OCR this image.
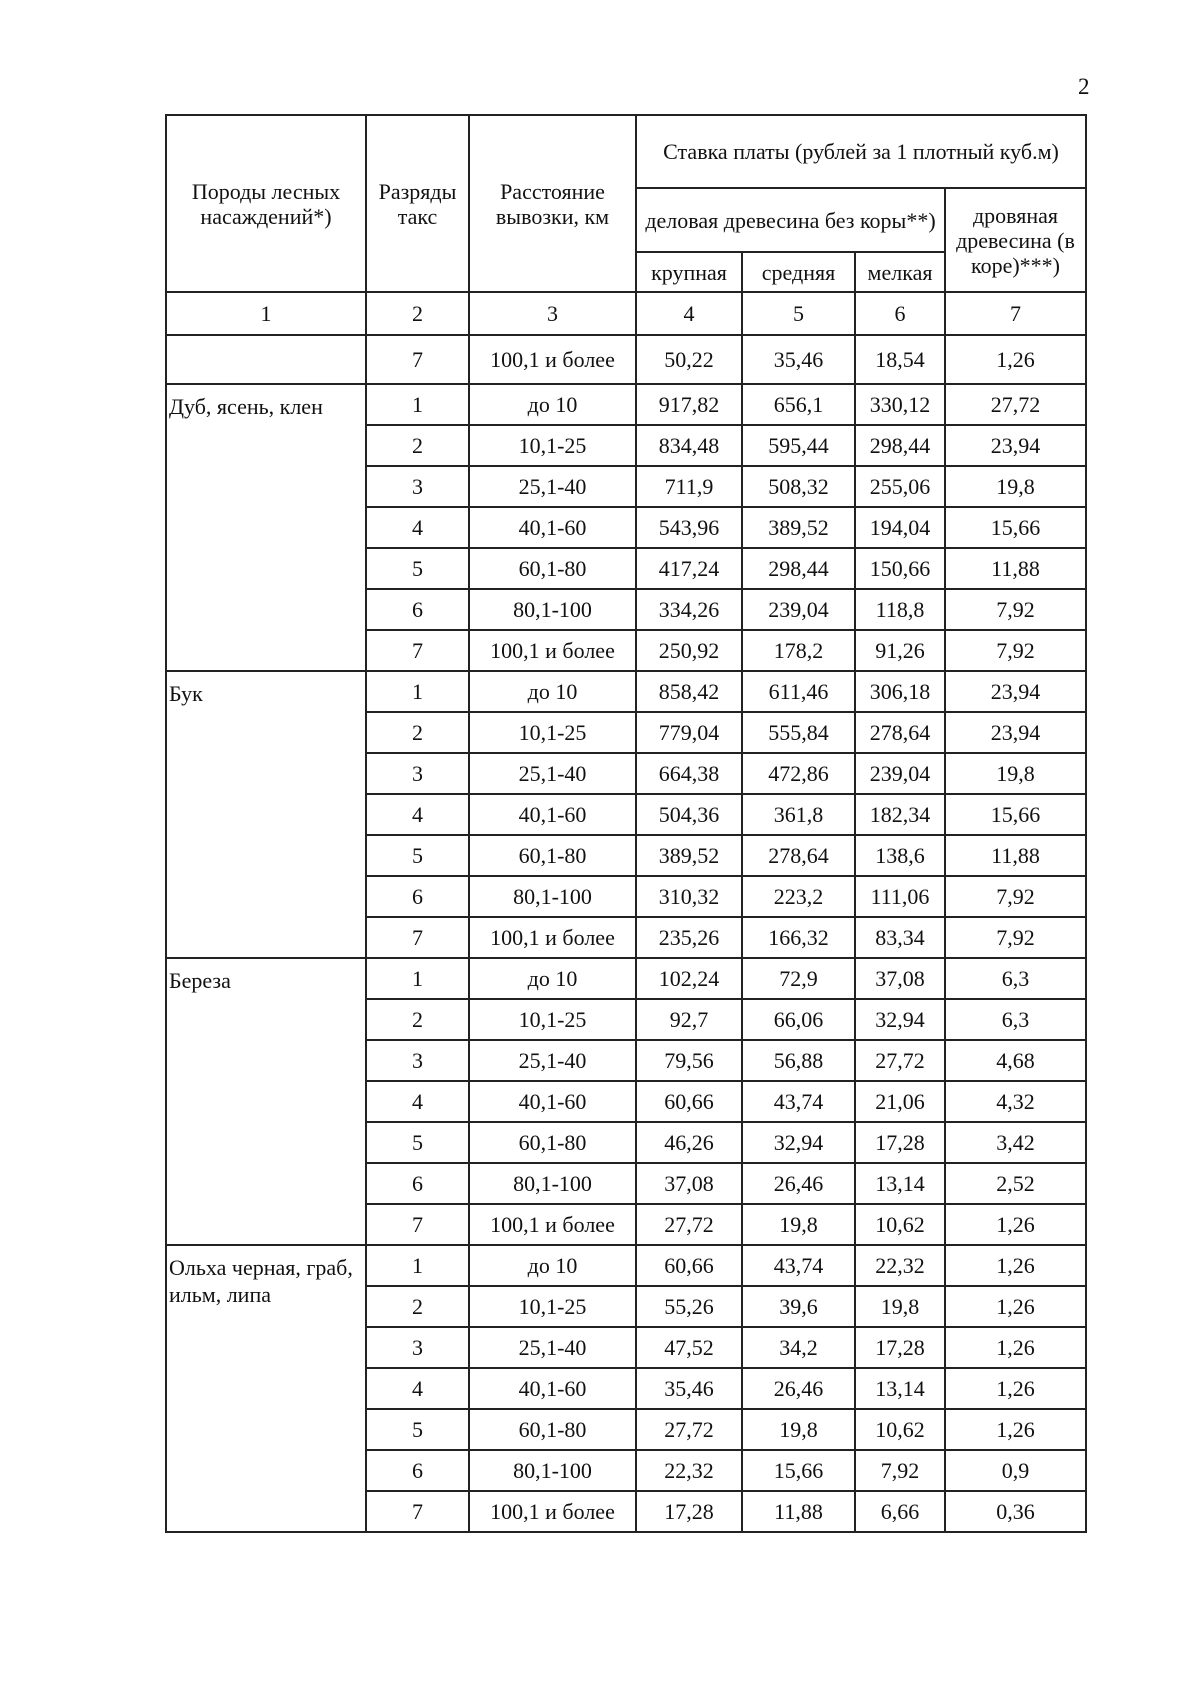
2
Породы лесных насаждений*)	Разряды такс	Расстояние вывозки, км	Ставка платы (рублей за 1 плотный куб.м)			
			деловая древесина без коры**)			дровяная древесина (в коре)***)
			крупная	средняя	мелкая	
1	2	3	4	5	6	7
	7	100,1 и более	50,22	35,46	18,54	1,26
Дуб, ясень, клен	1	до 10	917,82	656,1	330,12	27,72
	2	10,1-25	834,48	595,44	298,44	23,94
	3	25,1-40	711,9	508,32	255,06	19,8
	4	40,1-60	543,96	389,52	194,04	15,66
	5	60,1-80	417,24	298,44	150,66	11,88
	6	80,1-100	334,26	239,04	118,8	7,92
	7	100,1 и более	250,92	178,2	91,26	7,92
Бук	1	до 10	858,42	611,46	306,18	23,94
	2	10,1-25	779,04	555,84	278,64	23,94
	3	25,1-40	664,38	472,86	239,04	19,8
	4	40,1-60	504,36	361,8	182,34	15,66
	5	60,1-80	389,52	278,64	138,6	11,88
	6	80,1-100	310,32	223,2	111,06	7,92
	7	100,1 и более	235,26	166,32	83,34	7,92
Береза	1	до 10	102,24	72,9	37,08	6,3
	2	10,1-25	92,7	66,06	32,94	6,3
	3	25,1-40	79,56	56,88	27,72	4,68
	4	40,1-60	60,66	43,74	21,06	4,32
	5	60,1-80	46,26	32,94	17,28	3,42
	6	80,1-100	37,08	26,46	13,14	2,52
	7	100,1 и более	27,72	19,8	10,62	1,26
Ольха черная, граб, ильм, липа	1	до 10	60,66	43,74	22,32	1,26
	2	10,1-25	55,26	39,6	19,8	1,26
	3	25,1-40	47,52	34,2	17,28	1,26
	4	40,1-60	35,46	26,46	13,14	1,26
	5	60,1-80	27,72	19,8	10,62	1,26
	6	80,1-100	22,32	15,66	7,92	0,9
	7	100,1 и более	17,28	11,88	6,66	0,36
